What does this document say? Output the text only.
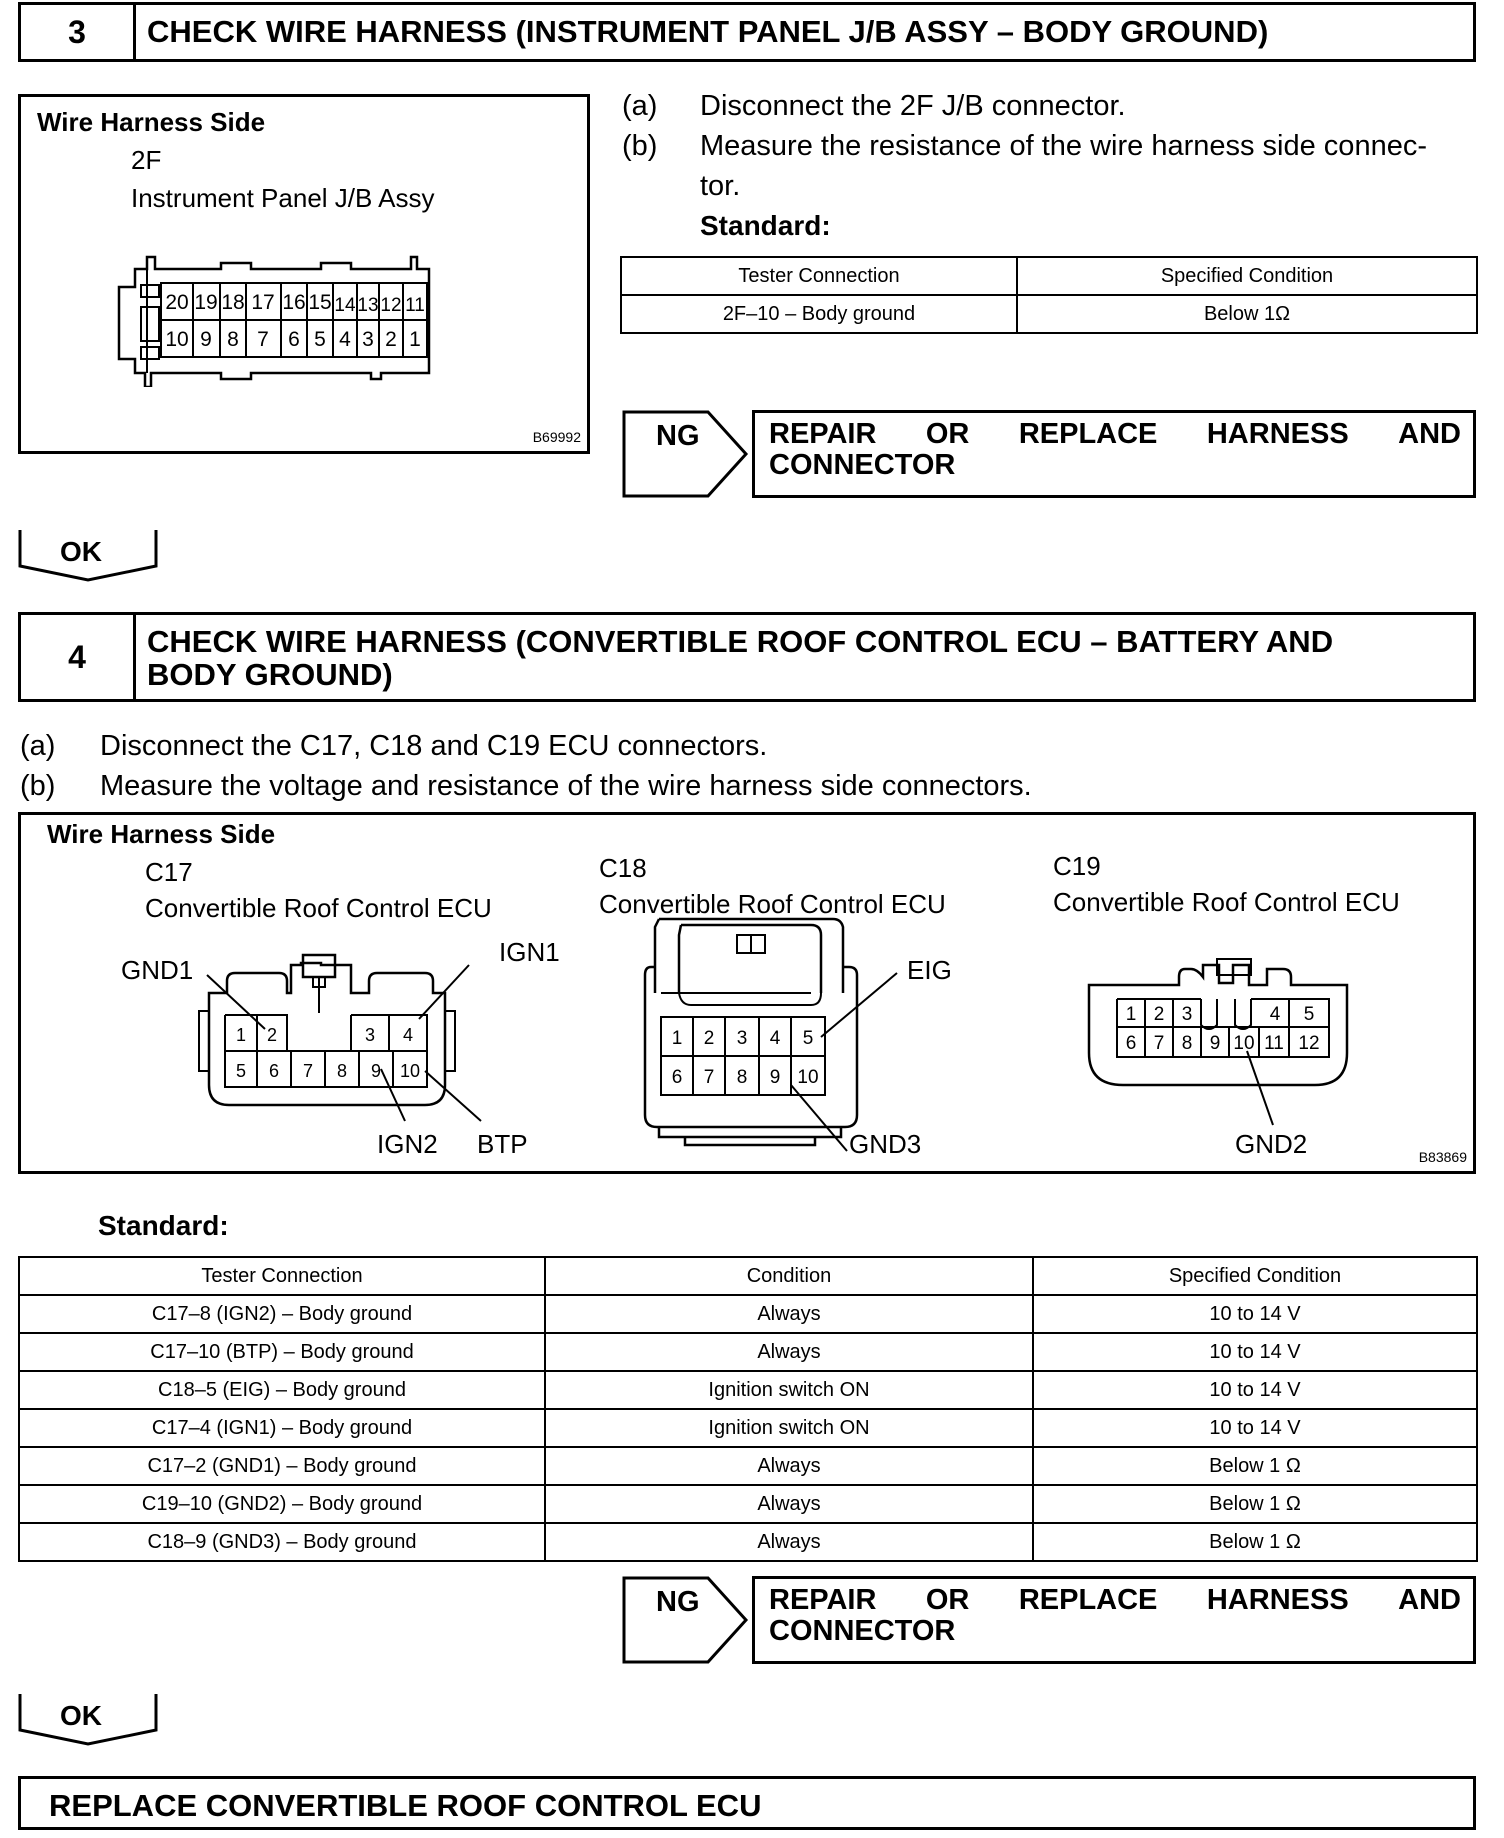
3	CHECK WIRE HARNESS (INSTRUMENT PANEL J/B ASSY – BODY GROUND)
Wire Harness Side
2F
Instrument Panel J/B Assy
20 19 18 17 16 15 14 13 12 11
10 9 8 7 6 5 4 3 2 1
B69992
(a) Disconnect the 2F J/B connector.
(b) Measure the resistance of the wire harness side connec-
tor.
Standard:
Tester Connection	Specified Condition
2F–10 – Body ground	Below 1Ω
NG REPAIR OR REPLACE HARNESS AND
CONNECTOR
OK
4	CHECK WIRE HARNESS (CONVERTIBLE ROOF CONTROL ECU – BATTERY AND
BODY GROUND)
(a) Disconnect the C17, C18 and C19 ECU connectors.
(b) Measure the voltage and resistance of the wire harness side connectors.
Wire Harness Side
C17
Convertible Roof Control ECU
C18
Convertible Roof Control ECU
C19
Convertible Roof Control ECU
1 2	3 4
5 6 7 8 9 10
GND1
IGN1
IGN2 BTP
1 2 3 4 5
6 7 8 9 10
EIG
GND3
1 2 3	4 5
6 7 8 9 10 11 12
GND2	B83869
Standard:
Tester Connection	Condition	Specified Condition
C17–8 (IGN2) – Body ground	Always	10 to 14 V
C17–10 (BTP) – Body ground	Always	10 to 14 V
C18–5 (EIG) – Body ground	Ignition switch ON	10 to 14 V
C17–4 (IGN1) – Body ground	Ignition switch ON	10 to 14 V
C17–2 (GND1) – Body ground	Always	Below 1 Ω
C19–10 (GND2) – Body ground	Always	Below 1 Ω
C18–9 (GND3) – Body ground	Always	Below 1 Ω
NG REPAIR OR REPLACE HARNESS AND
CONNECTOR
OK
REPLACE CONVERTIBLE ROOF CONTROL ECU
